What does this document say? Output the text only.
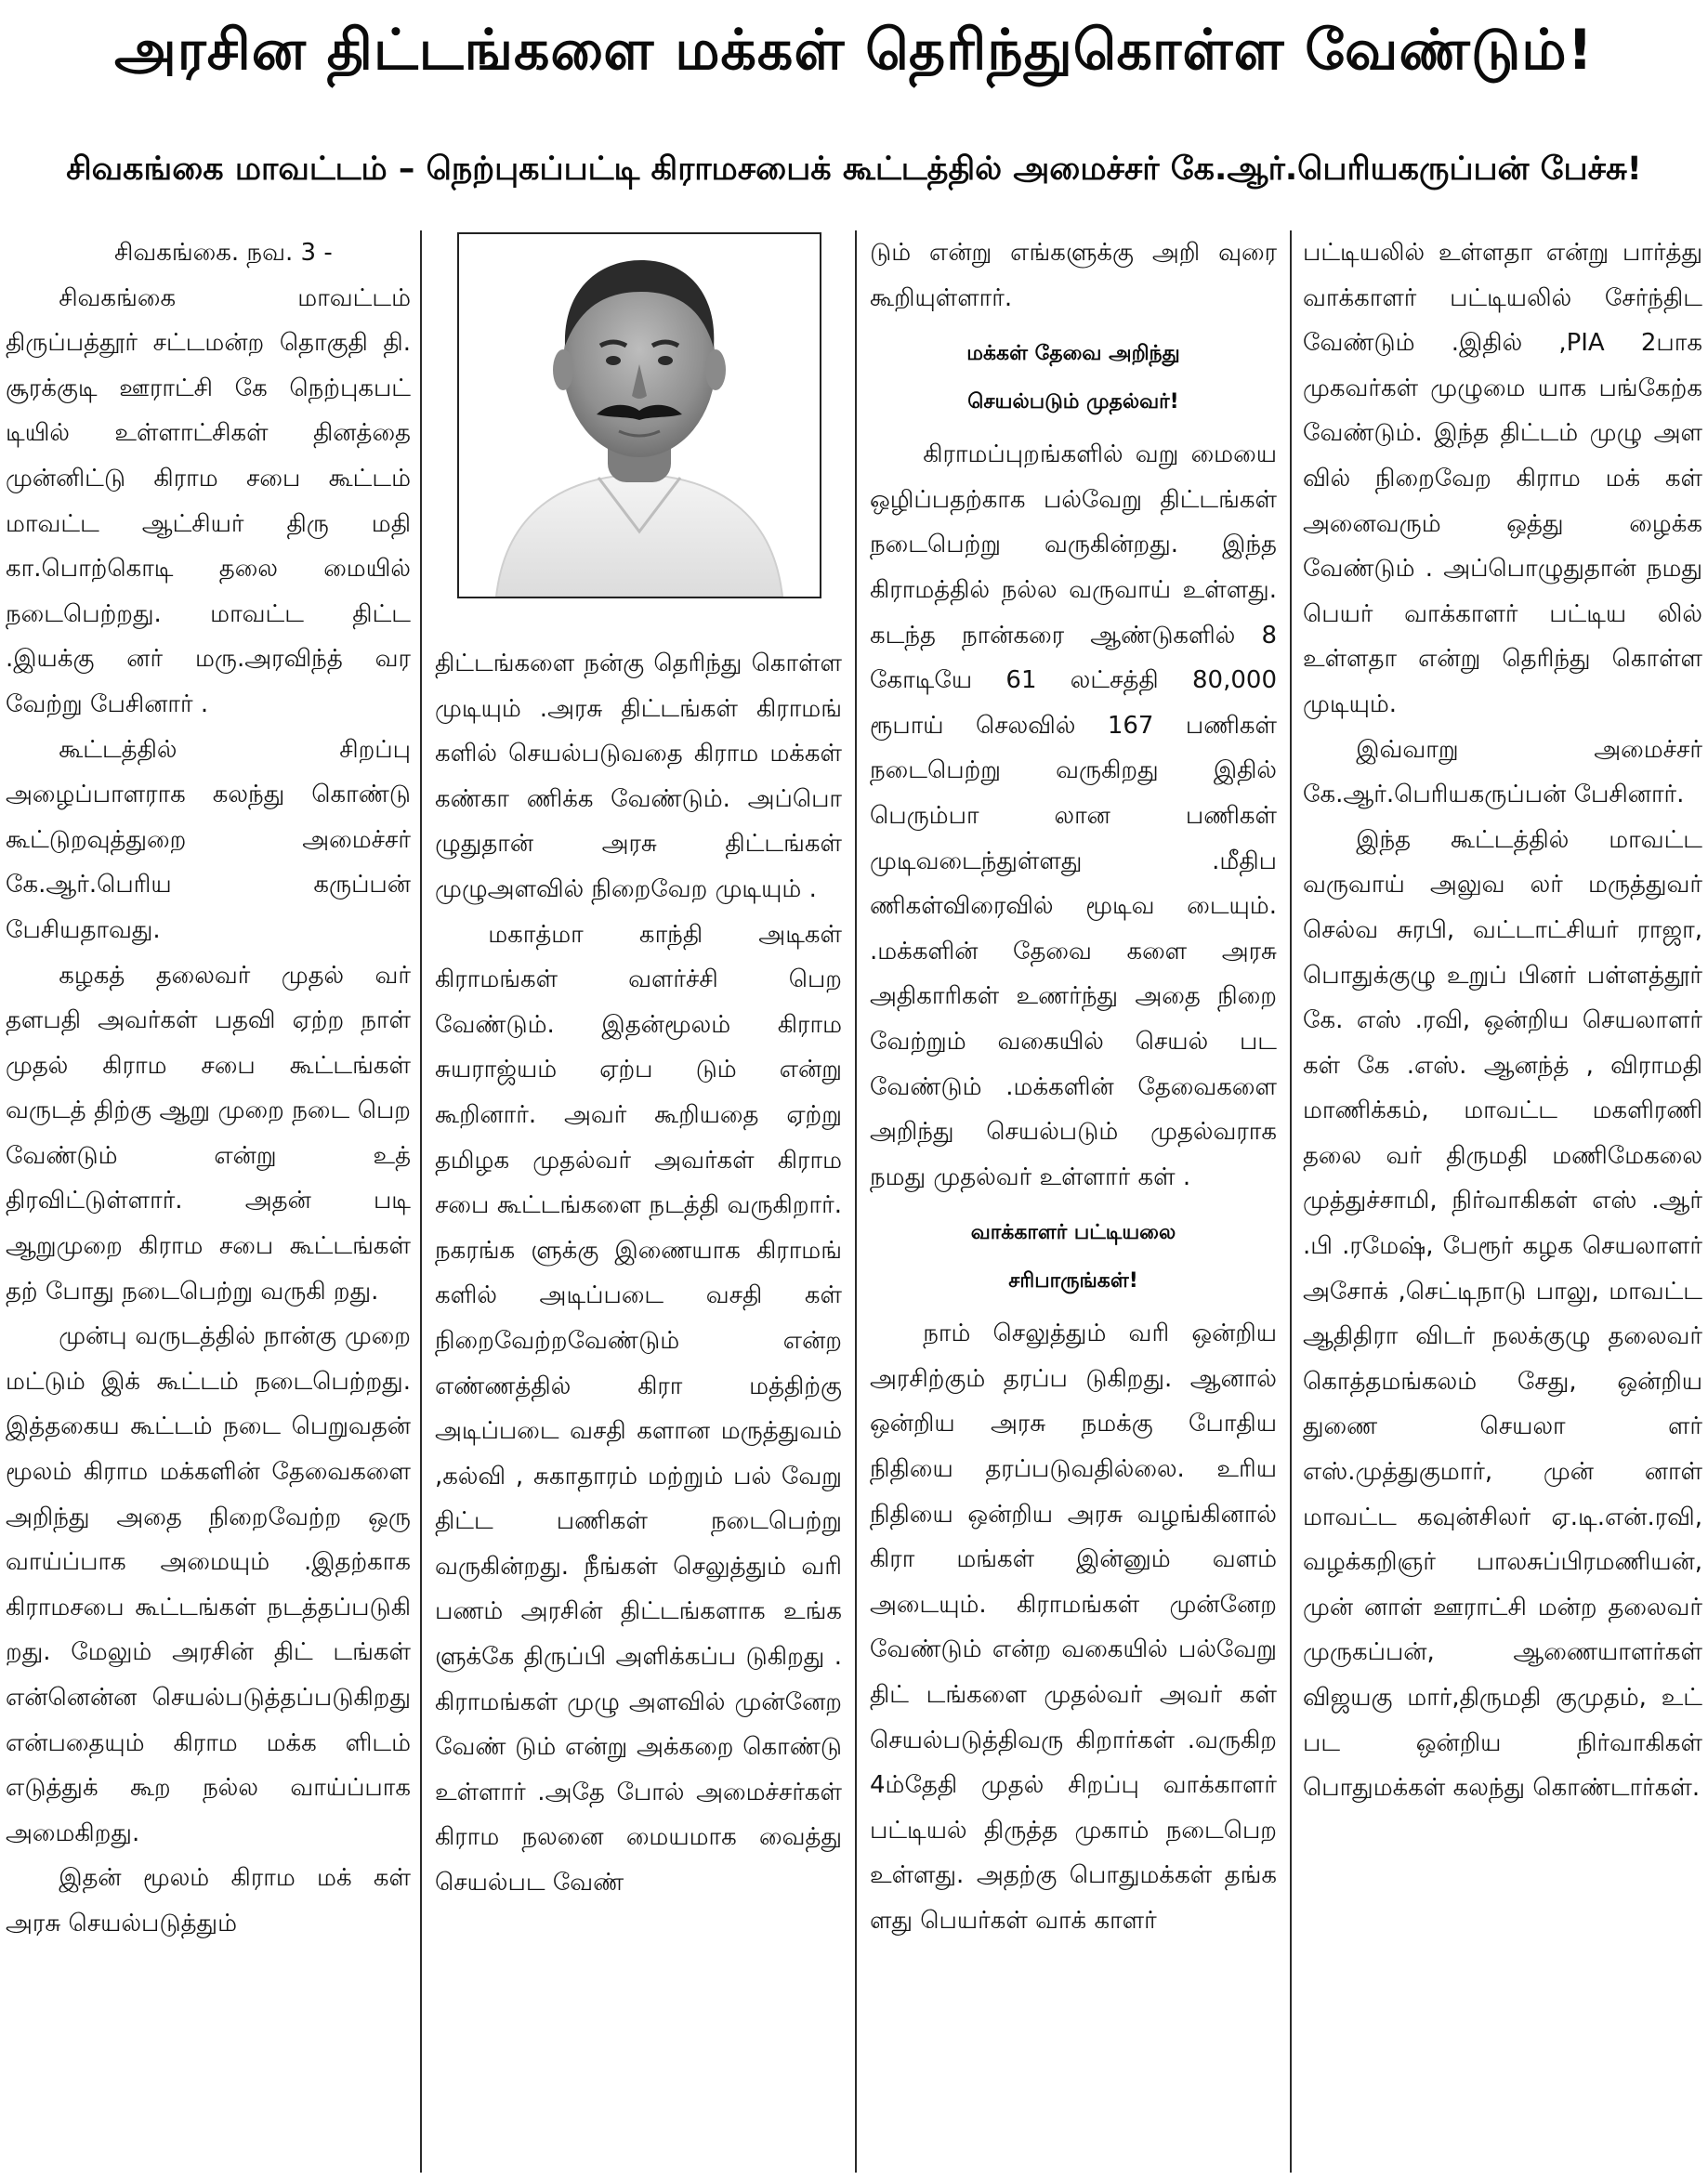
அரசின திட்டங்களை மக்கள் தெரிந்துகொள்ள வேண்டும்!
சிவகங்கை மாவட்டம் – நெற்புகப்பட்டி கிராமசபைக் கூட்டத்தில் அமைச்சர் கே.ஆர்.பெரியகருப்பன் பேச்சு!

சிவகங்கை. நவ. 3 -

சிவகங்கை மாவட்டம் திருப்பத்தூர் சட்டமன்ற தொகுதி தி. சூரக்குடி ஊராட்சி கே நெற்புகபட் டியில் உள்ளாட்சிகள் தினத்தை முன்னிட்டு கிராம சபை கூட்டம் மாவட்ட ஆட்சியர் திரு மதி கா.பொற்கொடி தலை மையில் நடைபெற்றது. மாவட்ட திட்ட .இயக்கு னர் மரு.அரவிந்த் வர வேற்று பேசினார் .

கூட்டத்தில் சிறப்பு அழைப்பாளராக கலந்து கொண்டு கூட்டுறவுத்துறை அமைச்சர் கே.ஆர்.பெரிய கருப்பன் பேசியதாவது.

கழகத் தலைவர் முதல் வர் தளபதி அவர்கள் பதவி ஏற்ற நாள் முதல் கிராம சபை கூட்டங்கள் வருடத் திற்கு ஆறு முறை நடை பெற வேண்டும் என்று உத் திரவிட்டுள்ளார். அதன் படி ஆறுமுறை கிராம சபை கூட்டங்கள் தற் போது நடைபெற்று வருகி றது.

முன்பு வருடத்தில் நான்கு முறை மட்டும் இக் கூட்டம் நடைபெற்றது. இத்தகைய கூட்டம் நடை பெறுவதன் மூலம் கிராம மக்களின் தேவைகளை அறிந்து அதை நிறைவேற்ற ஒரு வாய்ப்பாக அமையும் .இதற்காக கிராமசபை கூட்டங்கள் நடத்தப்படுகி றது. மேலும் அரசின் திட் டங்கள் என்னென்ன செயல்படுத்தப்படுகிறது என்பதையும் கிராம மக்க ளிடம் எடுத்துக் கூற நல்ல வாய்ப்பாக அமைகிறது.

இதன் மூலம் கிராம மக் கள் அரசு செயல்படுத்தும்

திட்டங்களை நன்கு தெரிந்து கொள்ள முடியும் .அரசு திட்டங்கள் கிராமங் களில் செயல்படுவதை கிராம மக்கள் கண்கா ணிக்க வேண்டும். அப்பொ ழுதுதான் அரசு திட்டங்கள் முழுஅளவில் நிறைவேற முடியும் .

மகாத்மா காந்தி அடிகள் கிராமங்கள் வளர்ச்சி பெற வேண்டும். இதன்மூலம் கிராம சுயராஜ்யம் ஏற்ப டும் என்று கூறினார். அவர் கூறியதை ஏற்று தமிழக முதல்வர் அவர்கள் கிராம சபை கூட்டங்களை நடத்தி வருகிறார். நகரங்க ளுக்கு இணையாக கிராமங் களில் அடிப்படை வசதி கள் நிறைவேற்றவேண்டும் என்ற எண்ணத்தில் கிரா மத்திற்கு அடிப்படை வசதி களான மருத்துவம் ,கல்வி , சுகாதாரம் மற்றும் பல் வேறு திட்ட பணிகள் நடைபெற்று வருகின்றது. நீங்கள் செலுத்தும் வரி பணம் அரசின் திட்டங்களாக உங்க ளுக்கே திருப்பி அளிக்கப்ப டுகிறது . கிராமங்கள் முழு அளவில் முன்னேற வேண் டும் என்று அக்கறை கொண்டு உள்ளார் .அதே போல் அமைச்சர்கள் கிராம நலனை மையமாக வைத்து செயல்பட வேண்

டும் என்று எங்களுக்கு அறி வுரை கூறியுள்ளார்.

மக்கள் தேவை அறிந்து
செயல்படும் முதல்வர்!

கிராமப்புறங்களில் வறு மையை ஒழிப்பதற்காக பல்வேறு திட்டங்கள் நடைபெற்று வருகின்றது. இந்த கிராமத்தில் நல்ல வருவாய் உள்ளது. கடந்த நான்கரை ஆண்டுகளில் 8 கோடியே 61 லட்சத்தி 80,000 ரூபாய் செலவில் 167 பணிகள் நடைபெற்று வருகிறது இதில் பெரும்பா லான பணிகள் முடிவடைந்துள்ளது .மீதிப ணிகள்விரைவில் மூடிவ டையும். .மக்களின் தேவை களை அரசு அதிகாரிகள் உணர்ந்து அதை நிறை வேற்றும் வகையில் செயல் பட வேண்டும் .மக்களின் தேவைகளை அறிந்து செயல்படும் முதல்வராக நமது முதல்வர் உள்ளார் கள் .

வாக்காளர் பட்டியலை
சரிபாருங்கள்!

நாம் செலுத்தும் வரி ஒன்றிய அரசிற்கும் தரப்ப டுகிறது. ஆனால் ஒன்றிய அரசு நமக்கு போதிய நிதியை தரப்படுவதில்லை. உரிய நிதியை ஒன்றிய அரசு வழங்கினால் கிரா மங்கள் இன்னும் வளம் அடையும். கிராமங்கள் முன்னேற வேண்டும் என்ற வகையில் பல்வேறு திட் டங்களை முதல்வர் அவர் கள் செயல்படுத்திவரு கிறார்கள் .வருகிற 4ம்தேதி முதல் சிறப்பு வாக்காளர் பட்டியல் திருத்த முகாம் நடைபெற உள்ளது. அதற்கு பொதுமக்கள் தங்க ளது பெயர்கள் வாக் காளர்

பட்டியலில் உள்ளதா என்று பார்த்து வாக்காளர் பட்டியலில் சேர்ந்திட வேண்டும் .இதில் ,PIA 2பாக முகவர்கள் முழுமை யாக பங்கேற்க வேண்டும். இந்த திட்டம் முழு அள வில் நிறைவேற கிராம மக் கள் அனைவரும் ஒத்து ழைக்க வேண்டும் . அப்பொழுதுதான் நமது பெயர் வாக்காளர் பட்டிய லில் உள்ளதா என்று தெரிந்து கொள்ள முடியும்.

இவ்வாறு அமைச்சர் கே.ஆர்.பெரியகருப்பன் பேசினார்.

இந்த கூட்டத்தில் மாவட்ட வருவாய் அலுவ லர் மருத்துவர் செல்வ சுரபி, வட்டாட்சியர் ராஜா, பொதுக்குழு உறுப் பினர் பள்ளத்தூர் கே. எஸ் .ரவி, ஒன்றிய செயலாளர் கள் கே .எஸ். ஆனந்த் , விராமதி மாணிக்கம், மாவட்ட மகளிரணி தலை வர் திருமதி மணிமேகலை முத்துச்சாமி, நிர்வாகிகள் எஸ் .ஆர் .பி .ரமேஷ், பேரூர் கழக செயலாளர் அசோக் ,செட்டிநாடு பாலு, மாவட்ட ஆதிதிரா விடர் நலக்குழு தலைவர் கொத்தமங்கலம் சேது, ஒன்றிய துணை செயலா ளர் எஸ்.முத்துகுமார், முன் னாள் மாவட்ட கவுன்சிலர் ஏ.டி.என்.ரவி, வழக்கறிஞர் பாலசுப்பிரமணியன், முன் னாள் ஊராட்சி மன்ற தலைவர் முருகப்பன், ஆணையாளர்கள் விஜயகு மார்,திருமதி குமுதம், உட் பட ஒன்றிய நிர்வாகிகள் பொதுமக்கள் கலந்து கொண்டார்கள்.
